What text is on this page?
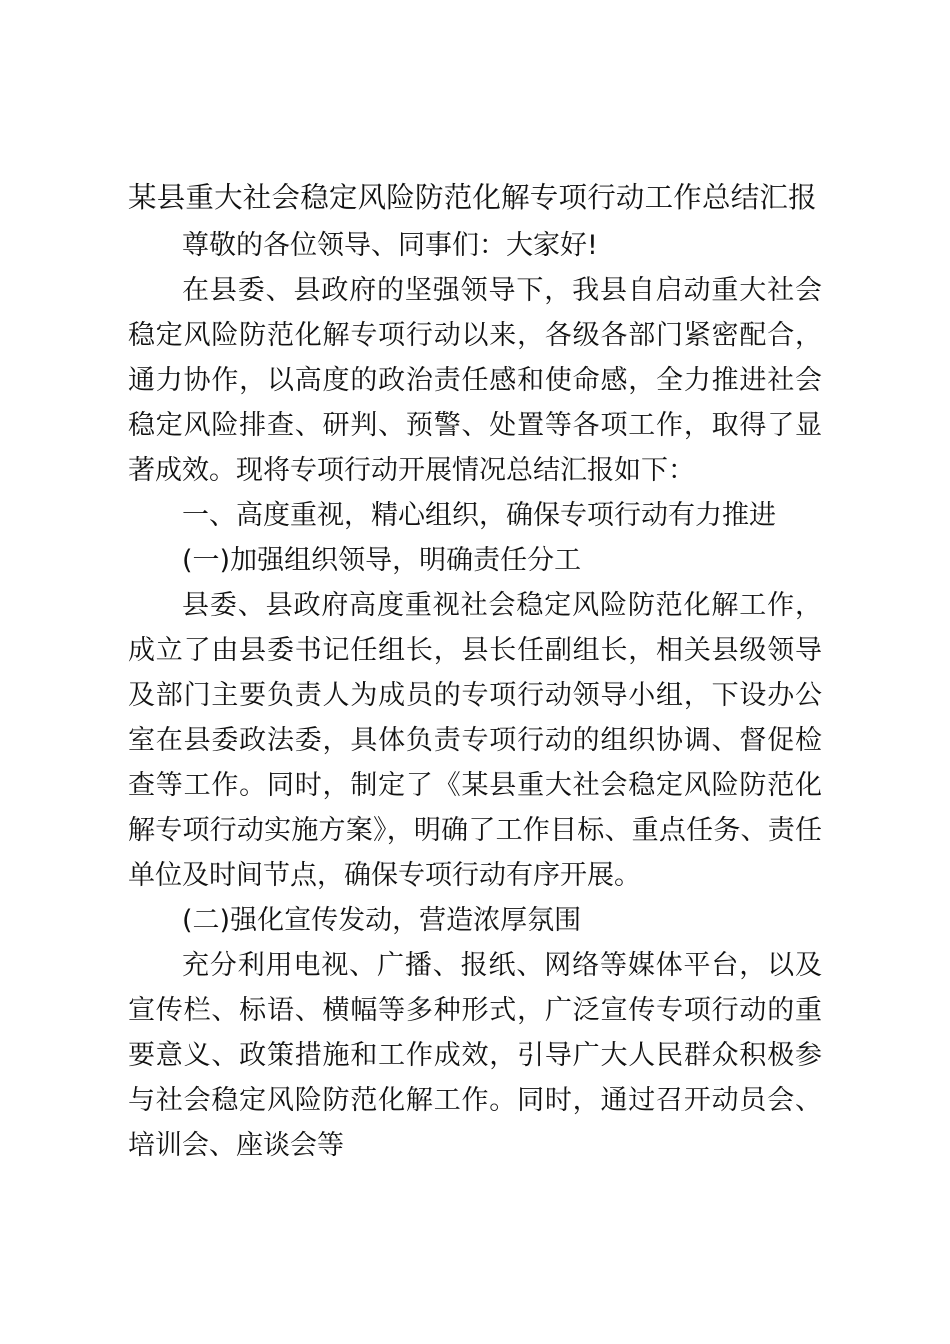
某县重大社会稳定风险防范化解专项行动工作总结汇报

尊敬的各位领导、同事们：大家好!

在县委、县政府的坚强领导下，我县自启动重大社会稳定风险防范化解专项行动以来，各级各部门紧密配合，通力协作，以高度的政治责任感和使命感，全力推进社会稳定风险排查、研判、预警、处置等各项工作，取得了显著成效。现将专项行动开展情况总结汇报如下：

一、高度重视，精心组织，确保专项行动有力推进

(一)加强组织领导，明确责任分工

县委、县政府高度重视社会稳定风险防范化解工作，成立了由县委书记任组长，县长任副组长，相关县级领导及部门主要负责人为成员的专项行动领导小组，下设办公室在县委政法委，具体负责专项行动的组织协调、督促检查等工作。同时，制定了《某县重大社会稳定风险防范化解专项行动实施方案》，明确了工作目标、重点任务、责任单位及时间节点，确保专项行动有序开展。

(二)强化宣传发动，营造浓厚氛围

充分利用电视、广播、报纸、网络等媒体平台，以及宣传栏、标语、横幅等多种形式，广泛宣传专项行动的重要意义、政策措施和工作成效，引导广大人民群众积极参与社会稳定风险防范化解工作。同时，通过召开动员会、培训会、座谈会等
